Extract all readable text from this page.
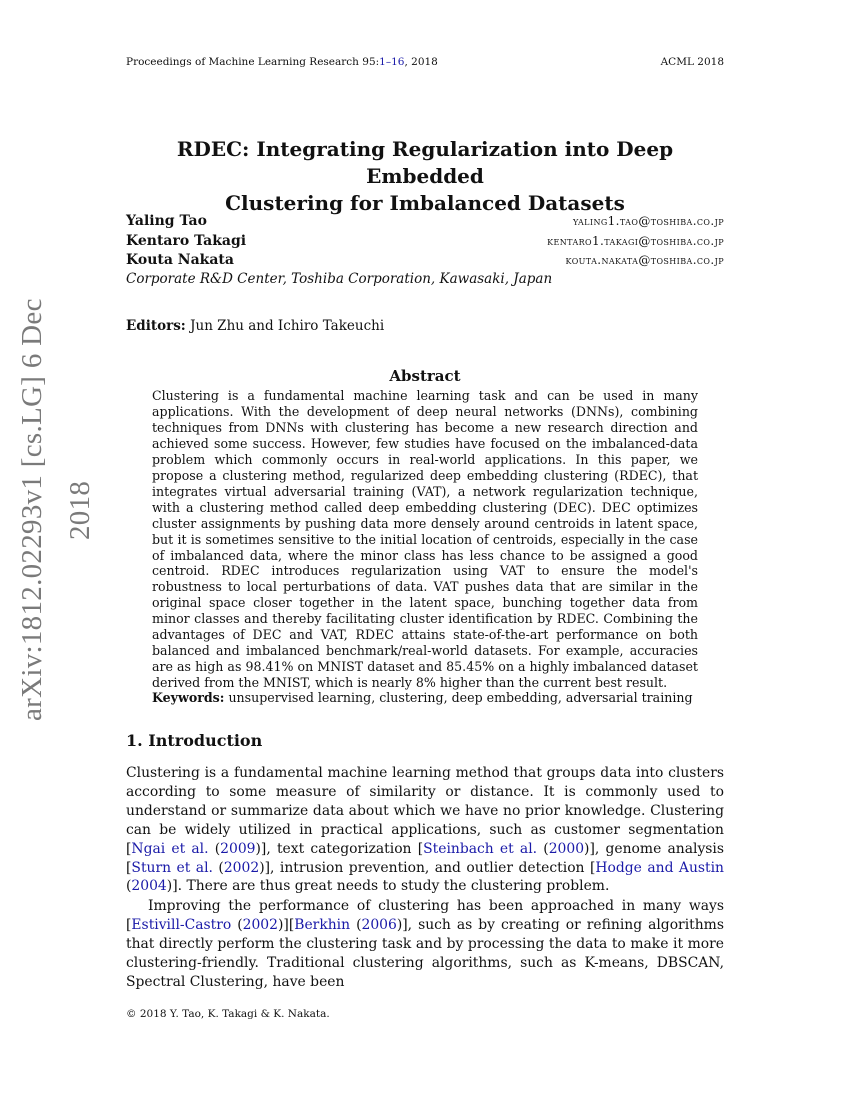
Proceedings of Machine Learning Research 95:1–16, 2018	ACML 2018
arXiv:1812.02293v1 [cs.LG] 6 Dec 2018
RDEC: Integrating Regularization into Deep Embedded
Clustering for Imbalanced Datasets
Yaling Tao	yaling1.tao@toshiba.co.jp
Kentaro Takagi	kentaro1.takagi@toshiba.co.jp
Kouta Nakata	kouta.nakata@toshiba.co.jp
Corporate R&D Center, Toshiba Corporation, Kawasaki, Japan
Editors: Jun Zhu and Ichiro Takeuchi
Abstract
Clustering is a fundamental machine learning task and can be used in many applications. With the development of deep neural networks (DNNs), combining techniques from DNNs with clustering has become a new research direction and achieved some success. However, few studies have focused on the imbalanced-data problem which commonly occurs in real-world applications. In this paper, we propose a clustering method, regularized deep embedding clustering (RDEC), that integrates virtual adversarial training (VAT), a network regularization technique, with a clustering method called deep embedding clustering (DEC). DEC optimizes cluster assignments by pushing data more densely around centroids in latent space, but it is sometimes sensitive to the initial location of centroids, especially in the case of imbalanced data, where the minor class has less chance to be assigned a good centroid. RDEC introduces regularization using VAT to ensure the model's robustness to local perturbations of data. VAT pushes data that are similar in the original space closer together in the latent space, bunching together data from minor classes and thereby facilitating cluster identification by RDEC. Combining the advantages of DEC and VAT, RDEC attains state-of-the-art performance on both balanced and imbalanced benchmark/real-world datasets. For example, accuracies are as high as 98.41% on MNIST dataset and 85.45% on a highly imbalanced dataset derived from the MNIST, which is nearly 8% higher than the current best result.
Keywords: unsupervised learning, clustering, deep embedding, adversarial training
1. Introduction
Clustering is a fundamental machine learning method that groups data into clusters according to some measure of similarity or distance. It is commonly used to understand or summarize data about which we have no prior knowledge. Clustering can be widely utilized in practical applications, such as customer segmentation [Ngai et al. (2009)], text categorization [Steinbach et al. (2000)], genome analysis [Sturn et al. (2002)], intrusion prevention, and outlier detection [Hodge and Austin (2004)]. There are thus great needs to study the clustering problem.
Improving the performance of clustering has been approached in many ways [Estivill-Castro (2002)][Berkhin (2006)], such as by creating or refining algorithms that directly perform the clustering task and by processing the data to make it more clustering-friendly. Traditional clustering algorithms, such as K-means, DBSCAN, Spectral Clustering, have been
© 2018 Y. Tao, K. Takagi & K. Nakata.
